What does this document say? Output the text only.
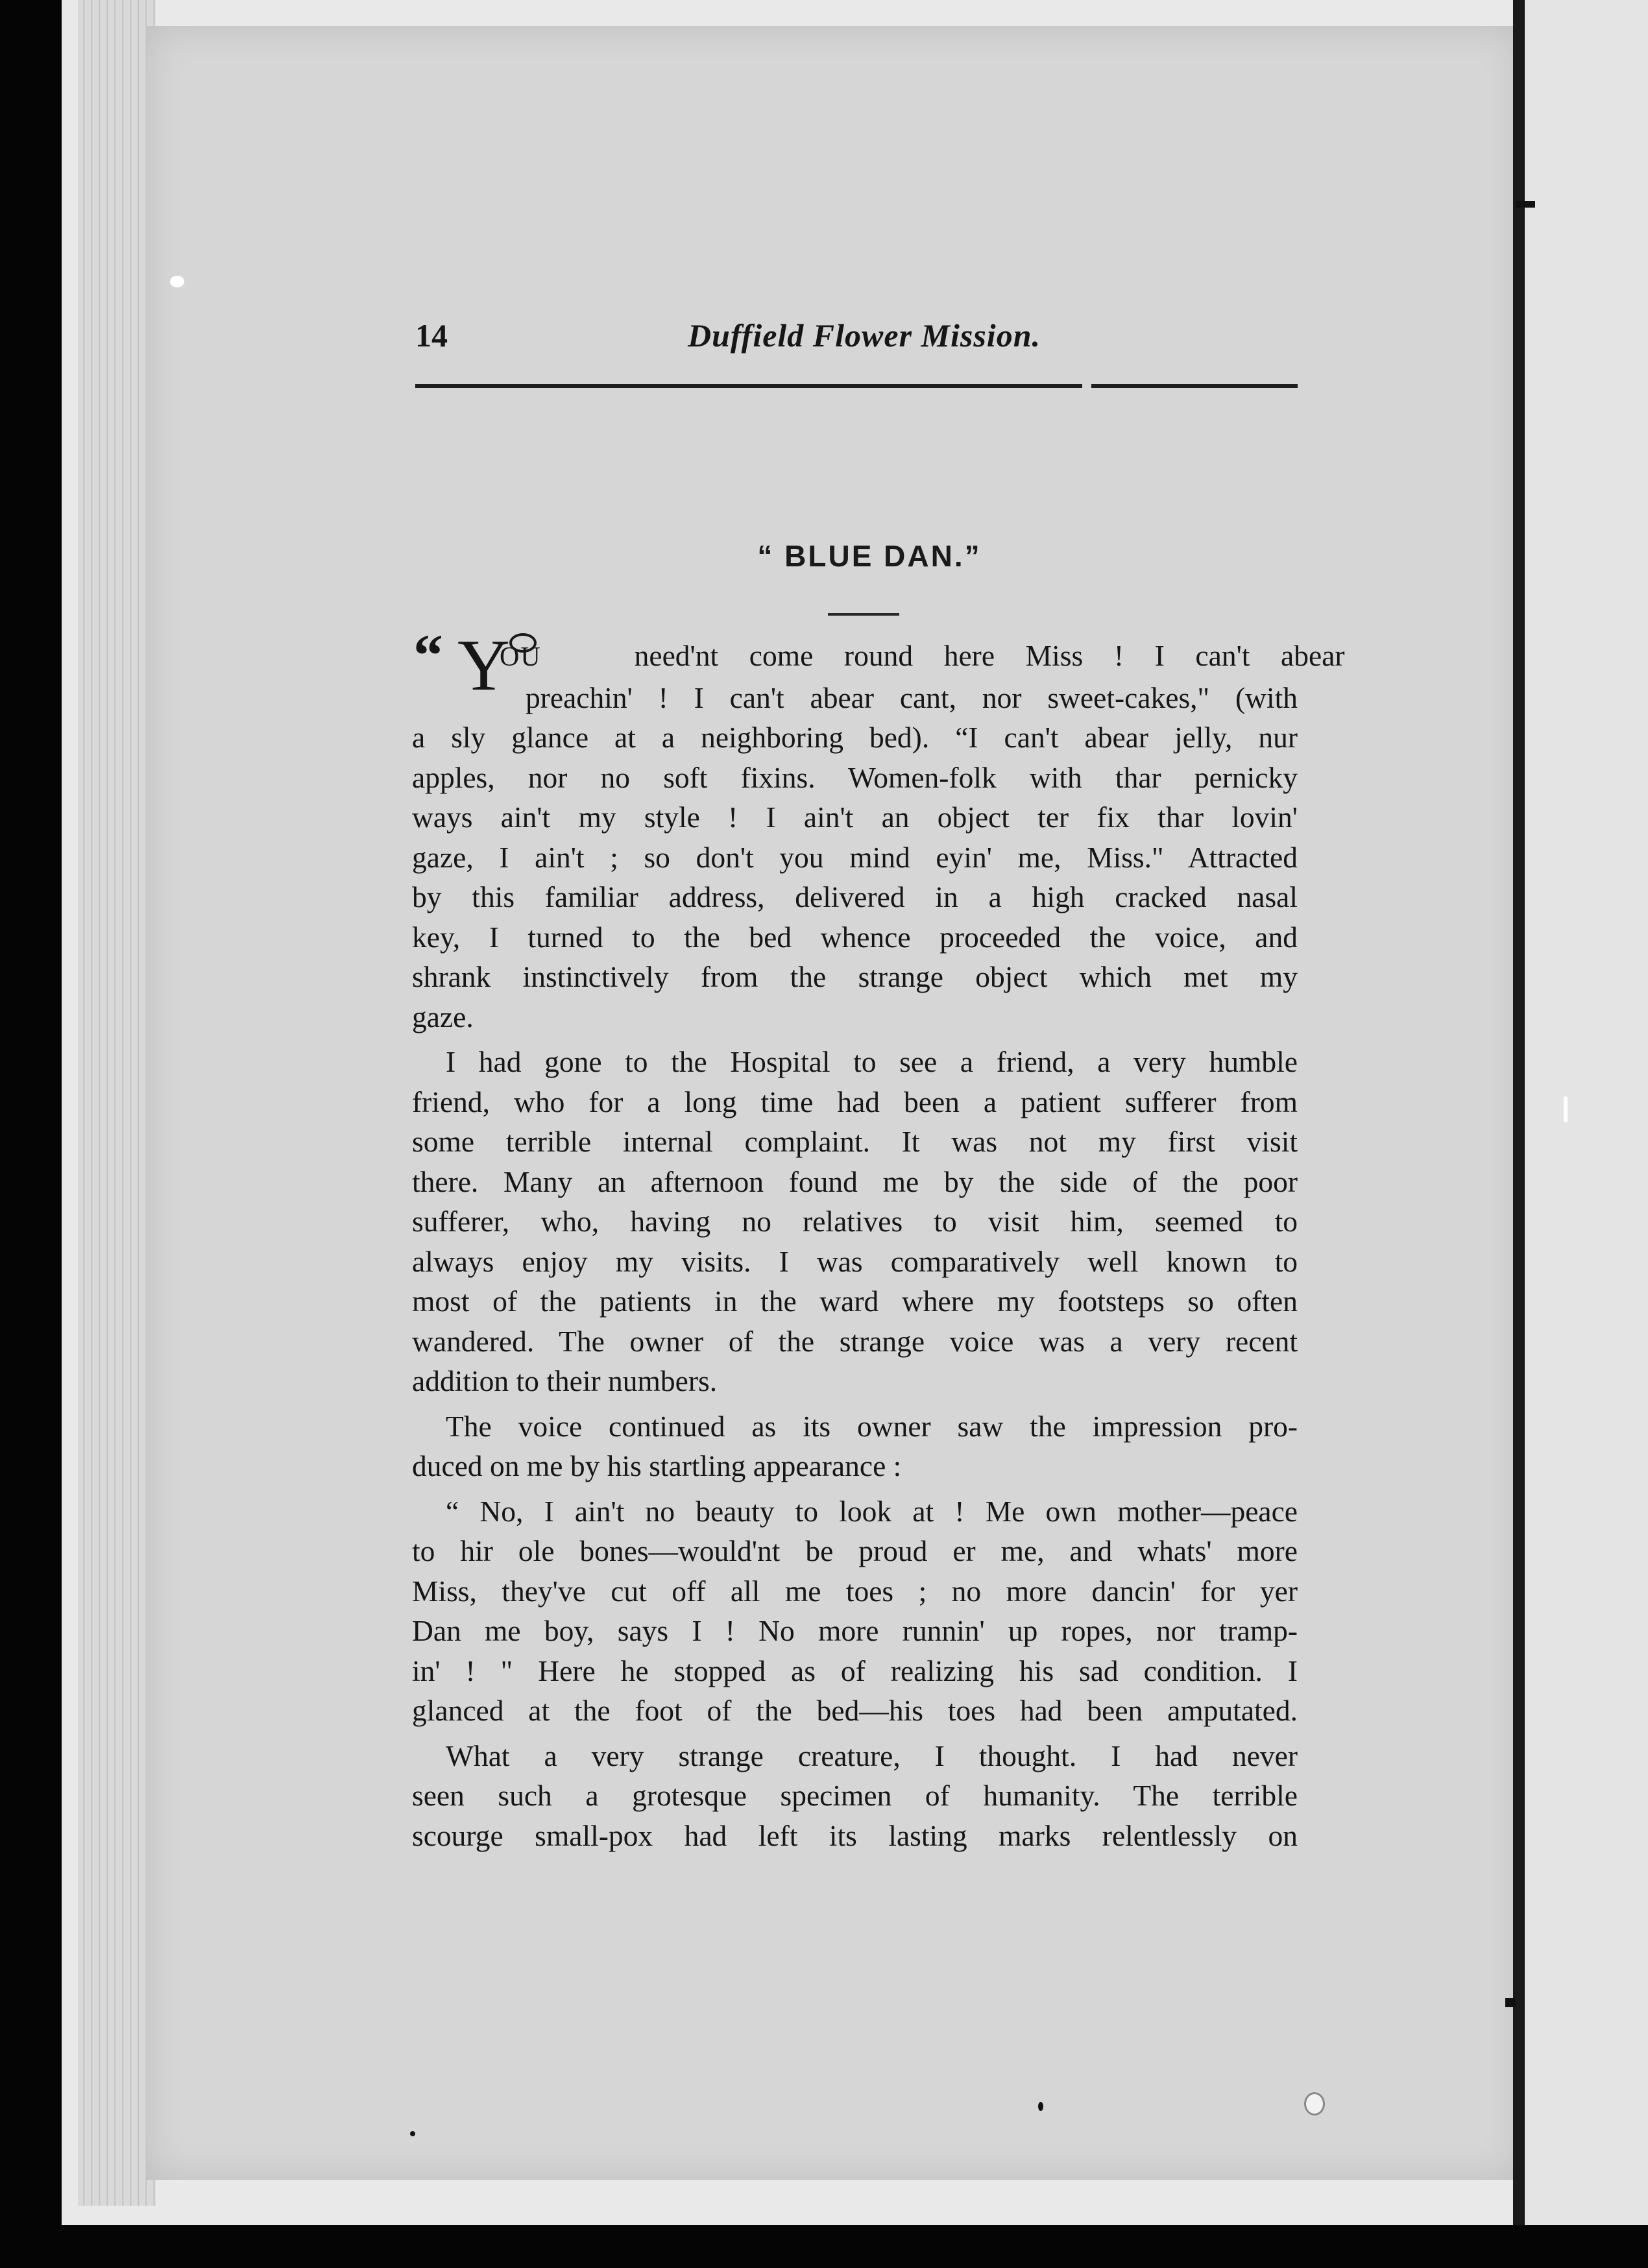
14	Duffield Flower Mission.
“ BLUE DAN.”
“ Y
OU	need'nt come round here Miss ! I can't abear
preachin' ! I can't abear cant, nor sweet-cakes," (with
a sly glance at a neighboring bed). “I can't abear jelly, nur
apples, nor no soft fixins. Women-folk with thar pernicky
ways ain't my style ! I ain't an object ter fix thar lovin'
gaze, I ain't ; so don't you mind eyin' me, Miss." Attracted
by this familiar address, delivered in a high cracked nasal
key, I turned to the bed whence proceeded the voice, and
shrank instinctively from the strange object which met my
gaze.
I had gone to the Hospital to see a friend, a very humble
friend, who for a long time had been a patient sufferer from
some terrible internal complaint. It was not my first visit
there. Many an afternoon found me by the side of the poor
sufferer, who, having no relatives to visit him, seemed to
always enjoy my visits. I was comparatively well known to
most of the patients in the ward where my footsteps so often
wandered. The owner of the strange voice was a very recent
addition to their numbers.
The voice continued as its owner saw the impression pro-
duced on me by his startling appearance :
“ No, I ain't no beauty to look at ! Me own mother—peace
to hir ole bones—would'nt be proud er me, and whats' more
Miss, they've cut off all me toes ; no more dancin' for yer
Dan me boy, says I ! No more runnin' up ropes, nor tramp-
in' ! " Here he stopped as of realizing his sad condition. I
glanced at the foot of the bed—his toes had been amputated.
What a very strange creature, I thought. I had never
seen such a grotesque specimen of humanity. The terrible
scourge small-pox had left its lasting marks relentlessly on
